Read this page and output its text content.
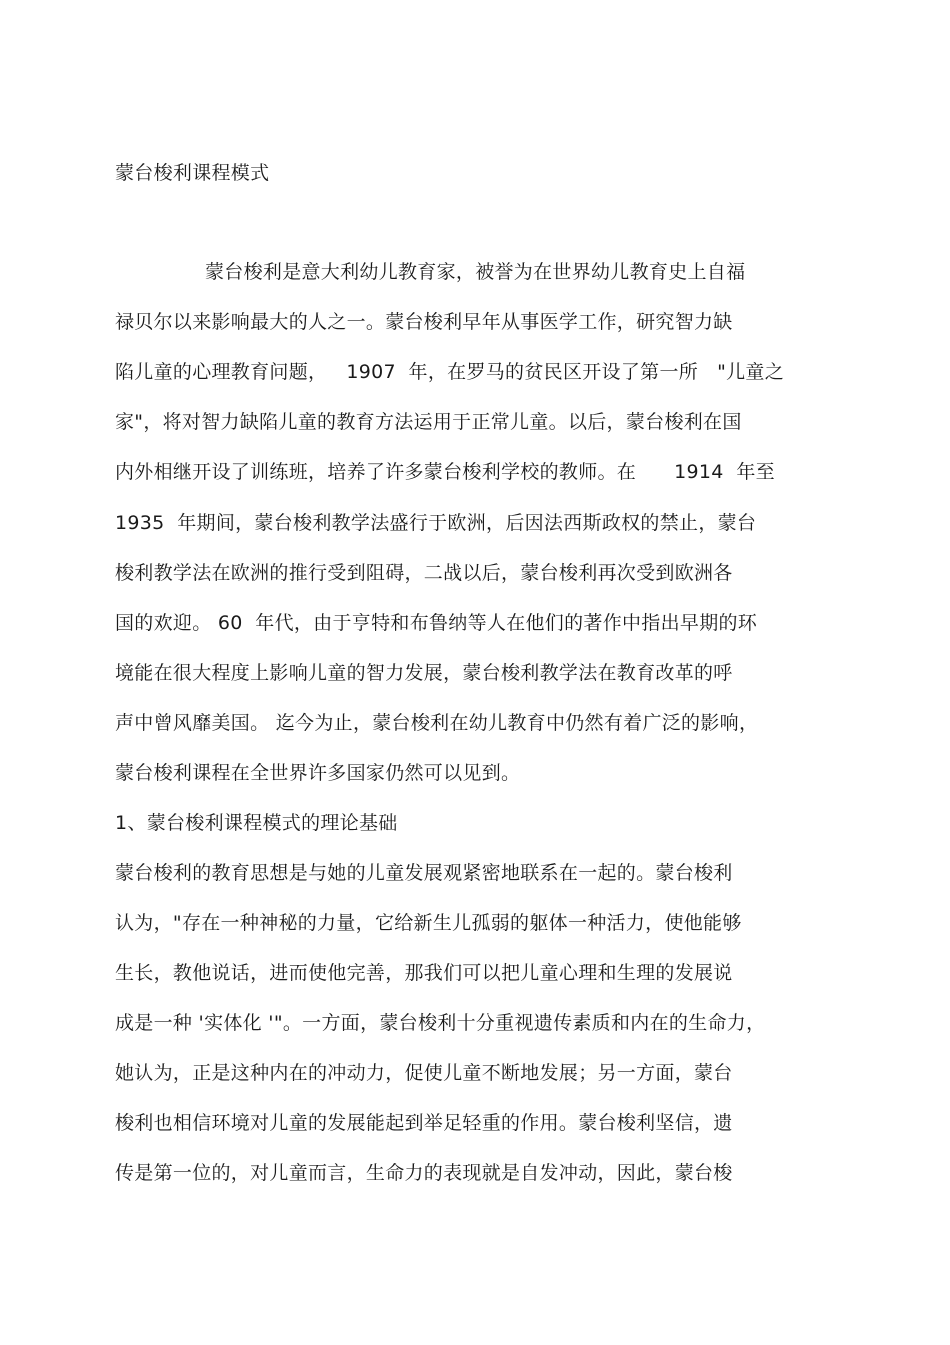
蒙台梭利课程模式
蒙台梭利是意大利幼儿教育家，被誉为在世界幼儿教育史上自福
禄贝尔以来影响最大的人之一。蒙台梭利早年从事医学工作，研究智力缺
陷儿童的心理教育问题，   1907  年，在罗马的贫民区开设了第一所   "儿童之
家"，将对智力缺陷儿童的教育方法运用于正常儿童。以后，蒙台梭利在国
内外相继开设了训练班，培养了许多蒙台梭利学校的教师。在      1914  年至
1935  年期间，蒙台梭利教学法盛行于欧洲，后因法西斯政权的禁止，蒙台
梭利教学法在欧洲的推行受到阻碍，二战以后，蒙台梭利再次受到欧洲各
国的欢迎。 60  年代，由于亨特和布鲁纳等人在他们的著作中指出早期的环
境能在很大程度上影响儿童的智力发展，蒙台梭利教学法在教育改革的呼
声中曾风靡美国。 迄今为止，蒙台梭利在幼儿教育中仍然有着广泛的影响，
蒙台梭利课程在全世界许多国家仍然可以见到。
1、蒙台梭利课程模式的理论基础
蒙台梭利的教育思想是与她的儿童发展观紧密地联系在一起的。蒙台梭利
认为，"存在一种神秘的力量，它给新生儿孤弱的躯体一种活力，使他能够
生长，教他说话，进而使他完善，那我们可以把儿童心理和生理的发展说
成是一种 '实体化 '"。一方面，蒙台梭利十分重视遗传素质和内在的生命力，
她认为，正是这种内在的冲动力，促使儿童不断地发展；另一方面，蒙台
梭利也相信环境对儿童的发展能起到举足轻重的作用。蒙台梭利坚信，遗
传是第一位的，对儿童而言，生命力的表现就是自发冲动，因此，蒙台梭
